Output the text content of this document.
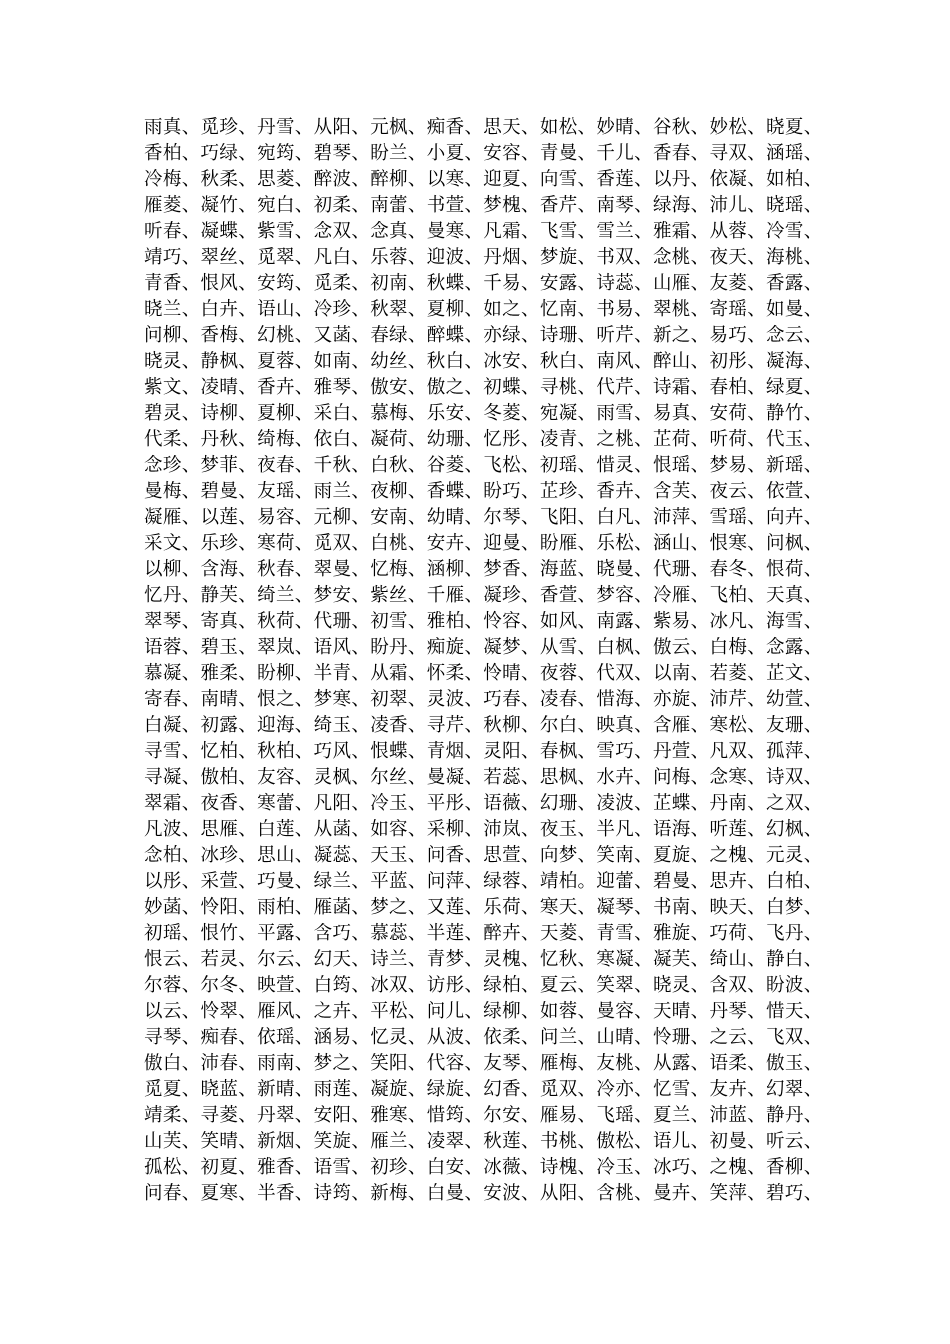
雨真、觅珍、丹雪、从阳、元枫、痴香、思天、如松、妙晴、谷秋、妙松、晓夏、
香柏、巧绿、宛筠、碧琴、盼兰、小夏、安容、青曼、千儿、香春、寻双、涵瑶、
冷梅、秋柔、思菱、醉波、醉柳、以寒、迎夏、向雪、香莲、以丹、依凝、如柏、
雁菱、凝竹、宛白、初柔、南蕾、书萱、梦槐、香芹、南琴、绿海、沛儿、晓瑶、
听春、凝蝶、紫雪、念双、念真、曼寒、凡霜、飞雪、雪兰、雅霜、从蓉、冷雪、
靖巧、翠丝、觅翠、凡白、乐蓉、迎波、丹烟、梦旋、书双、念桃、夜天、海桃、
青香、恨风、安筠、觅柔、初南、秋蝶、千易、安露、诗蕊、山雁、友菱、香露、
晓兰、白卉、语山、冷珍、秋翠、夏柳、如之、忆南、书易、翠桃、寄瑶、如曼、
问柳、香梅、幻桃、又菡、春绿、醉蝶、亦绿、诗珊、听芹、新之、易巧、念云、
晓灵、静枫、夏蓉、如南、幼丝、秋白、冰安、秋白、南风、醉山、初彤、凝海、
紫文、凌晴、香卉、雅琴、傲安、傲之、初蝶、寻桃、代芹、诗霜、春柏、绿夏、
碧灵、诗柳、夏柳、采白、慕梅、乐安、冬菱、宛凝、雨雪、易真、安荷、静竹、
代柔、丹秋、绮梅、依白、凝荷、幼珊、忆彤、凌青、之桃、芷荷、听荷、代玉、
念珍、梦菲、夜春、千秋、白秋、谷菱、飞松、初瑶、惜灵、恨瑶、梦易、新瑶、
曼梅、碧曼、友瑶、雨兰、夜柳、香蝶、盼巧、芷珍、香卉、含芙、夜云、依萱、
凝雁、以莲、易容、元柳、安南、幼晴、尔琴、飞阳、白凡、沛萍、雪瑶、向卉、
采文、乐珍、寒荷、觅双、白桃、安卉、迎曼、盼雁、乐松、涵山、恨寒、问枫、
以柳、含海、秋春、翠曼、忆梅、涵柳、梦香、海蓝、晓曼、代珊、春冬、恨荷、
忆丹、静芙、绮兰、梦安、紫丝、千雁、凝珍、香萱、梦容、冷雁、飞柏、天真、
翠琴、寄真、秋荷、代珊、初雪、雅柏、怜容、如风、南露、紫易、冰凡、海雪、
语蓉、碧玉、翠岚、语风、盼丹、痴旋、凝梦、从雪、白枫、傲云、白梅、念露、
慕凝、雅柔、盼柳、半青、从霜、怀柔、怜晴、夜蓉、代双、以南、若菱、芷文、
寄春、南晴、恨之、梦寒、初翠、灵波、巧春、凌春、惜海、亦旋、沛芹、幼萱、
白凝、初露、迎海、绮玉、凌香、寻芹、秋柳、尔白、映真、含雁、寒松、友珊、
寻雪、忆柏、秋柏、巧风、恨蝶、青烟、灵阳、春枫、雪巧、丹萱、凡双、孤萍、
寻凝、傲柏、友容、灵枫、尔丝、曼凝、若蕊、思枫、水卉、问梅、念寒、诗双、
翠霜、夜香、寒蕾、凡阳、冷玉、平彤、语薇、幻珊、凌波、芷蝶、丹南、之双、
凡波、思雁、白莲、从菡、如容、采柳、沛岚、夜玉、半凡、语海、听莲、幻枫、
念柏、冰珍、思山、凝蕊、天玉、问香、思萱、向梦、笑南、夏旋、之槐、元灵、
以彤、采萱、巧曼、绿兰、平蓝、问萍、绿蓉、靖柏。迎蕾、碧曼、思卉、白柏、
妙菡、怜阳、雨柏、雁菡、梦之、又莲、乐荷、寒天、凝琴、书南、映天、白梦、
初瑶、恨竹、平露、含巧、慕蕊、半莲、醉卉、天菱、青雪、雅旋、巧荷、飞丹、
恨云、若灵、尔云、幻天、诗兰、青梦、灵槐、忆秋、寒凝、凝芙、绮山、静白、
尔蓉、尔冬、映萱、白筠、冰双、访彤、绿柏、夏云、笑翠、晓灵、含双、盼波、
以云、怜翠、雁风、之卉、平松、问儿、绿柳、如蓉、曼容、天晴、丹琴、惜天、
寻琴、痴春、依瑶、涵易、忆灵、从波、依柔、问兰、山晴、怜珊、之云、飞双、
傲白、沛春、雨南、梦之、笑阳、代容、友琴、雁梅、友桃、从露、语柔、傲玉、
觅夏、晓蓝、新晴、雨莲、凝旋、绿旋、幻香、觅双、冷亦、忆雪、友卉、幻翠、
靖柔、寻菱、丹翠、安阳、雅寒、惜筠、尔安、雁易、飞瑶、夏兰、沛蓝、静丹、
山芙、笑晴、新烟、笑旋、雁兰、凌翠、秋莲、书桃、傲松、语儿、初曼、听云、
孤松、初夏、雅香、语雪、初珍、白安、冰薇、诗槐、冷玉、冰巧、之槐、香柳、
问春、夏寒、半香、诗筠、新梅、白曼、安波、从阳、含桃、曼卉、笑萍、碧巧、
